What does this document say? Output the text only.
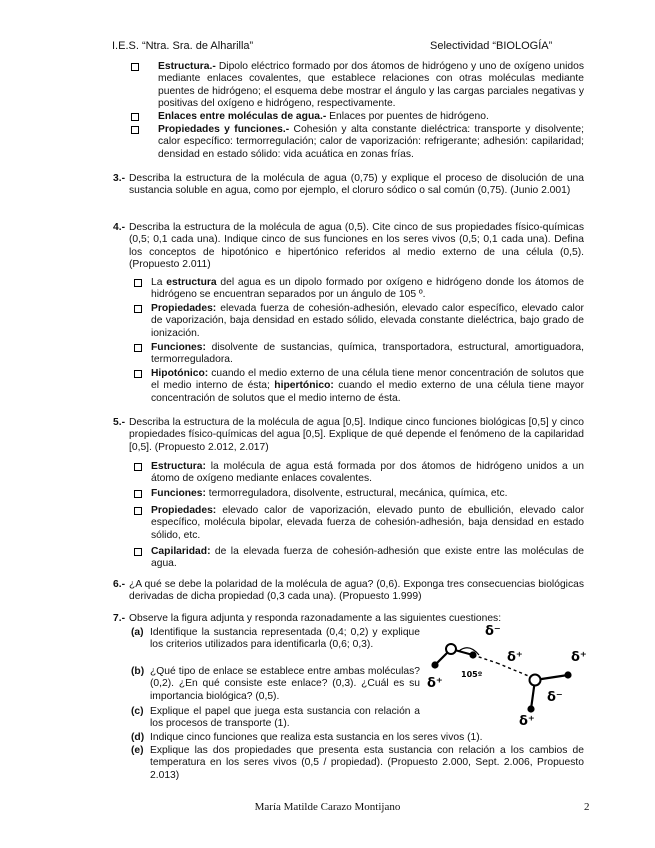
I.E.S. “Ntra. Sra. de Alharilla”	Selectividad “BIOLOGÍA”
Estructura.- Dipolo eléctrico formado por dos átomos de hidrógeno y uno de oxígeno unidos mediante enlaces covalentes, que establece relaciones con otras moléculas mediante puentes de hidrógeno; el esquema debe mostrar el ángulo y las cargas parciales negativas y positivas del oxígeno e hidrógeno, respectivamente.
Enlaces entre moléculas de agua.- Enlaces por puentes de hidrógeno.
Propiedades y funciones.- Cohesión y alta constante dieléctrica: transporte y disolvente; calor específico: termorregulación; calor de vaporización: refrigerante; adhesión: capilaridad; densidad en estado sólido: vida acuática en zonas frías.
3.- Describa la estructura de la molécula de agua (0,75) y explique el proceso de disolución de una sustancia soluble en agua, como por ejemplo, el cloruro sódico o sal común (0,75). (Junio 2.001)
4.- Describa la estructura de la molécula de agua (0,5). Cite cinco de sus propiedades físico-químicas (0,5; 0,1 cada una). Indique cinco de sus funciones en los seres vivos (0,5; 0,1 cada una). Defina los conceptos de hipotónico e hipertónico referidos al medio externo de una célula (0,5). (Propuesto 2.011)
La estructura del agua es un dipolo formado por oxígeno e hidrógeno donde los átomos de hidrógeno se encuentran separados por un ángulo de 105 º.
Propiedades: elevada fuerza de cohesión-adhesión, elevado calor específico, elevado calor de vaporización, baja densidad en estado sólido, elevada constante dieléctrica, bajo grado de ionización.
Funciones: disolvente de sustancias, química, transportadora, estructural, amortiguadora, termorreguladora.
Hipotónico: cuando el medio externo de una célula tiene menor concentración de solutos que el medio interno de ésta; hipertónico: cuando el medio externo de una célula tiene mayor concentración de solutos que el medio interno de ésta.
5.- Describa la estructura de la molécula de agua [0,5]. Indique cinco funciones biológicas [0,5] y cinco propiedades físico-químicas del agua [0,5]. Explique de qué depende el fenómeno de la capilaridad [0,5]. (Propuesto 2.012, 2.017)
Estructura: la molécula de agua está formada por dos átomos de hidrógeno unidos a un átomo de oxígeno mediante enlaces covalentes.
Funciones: termorreguladora, disolvente, estructural, mecánica, química, etc.
Propiedades: elevado calor de vaporización, elevado punto de ebullición, elevado calor específico, molécula bipolar, elevada fuerza de cohesión-adhesión, baja densidad en estado sólido, etc.
Capilaridad: de la elevada fuerza de cohesión-adhesión que existe entre las moléculas de agua.
6.- ¿A qué se debe la polaridad de la molécula de agua? (0,6). Exponga tres consecuencias biológicas derivadas de dicha propiedad (0,3 cada una). (Propuesto 1.999)
7.- Observe la figura adjunta y responda razonadamente a las siguientes cuestiones:
(a) Identifique la sustancia representada (0,4; 0,2) y explique los criterios utilizados para identificarla (0,6; 0,3).
(b) ¿Qué tipo de enlace se establece entre ambas moléculas? (0,2). ¿En qué consiste este enlace? (0,3). ¿Cuál es su importancia biológica? (0,5).
(c) Explique el papel que juega esta sustancia con relación a los procesos de transporte (1).
(d) Indique cinco funciones que realiza esta sustancia en los seres vivos (1).
(e) Explique las dos propiedades que presenta esta sustancia con relación a los cambios de temperatura en los seres vivos (0,5 / propiedad). (Propuesto 2.000, Sept. 2.006, Propuesto 2.013)
105º
δ⁻
δ⁺
δ⁺
δ⁻
δ⁺
δ⁺
María Matilde Carazo Montijano	2
